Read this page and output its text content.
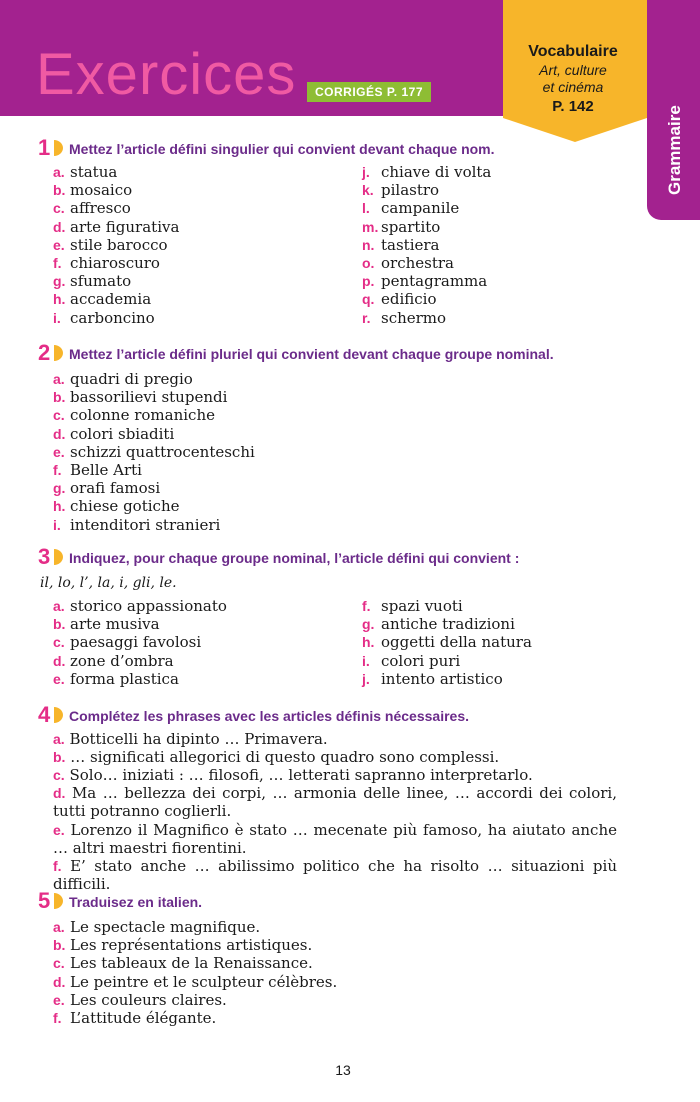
Exercices	CORRIGÉS P. 177
Vocabulaire
Art, culture
et cinéma
P. 142	Grammaire
1 Mettez l’article défini singulier qui convient devant chaque nom.
a. statua
b. mosaico
c. affresco
d. arte figurativa
e. stile barocco
f. chiaroscuro
g. sfumato
h. accademia
i. carboncino
j. chiave di volta
k. pilastro
l. campanile
m. spartito
n. tastiera
o. orchestra
p. pentagramma
q. edificio
r. schermo
2 Mettez l’article défini pluriel qui convient devant chaque groupe nominal.
a. quadri di pregio
b. bassorilievi stupendi
c. colonne romaniche
d. colori sbiaditi
e. schizzi quattrocenteschi
f. Belle Arti
g. orafi famosi
h. chiese gotiche
i. intenditori stranieri
3 Indiquez, pour chaque groupe nominal, l’article défini qui convient :
il, lo, l’, la, i, gli, le.
a. storico appassionato
b. arte musiva
c. paesaggi favolosi
d. zone d’ombra
e. forma plastica
f. spazi vuoti
g. antiche tradizioni
h. oggetti della natura
i. colori puri
j. intento artistico
4 Complétez les phrases avec les articles définis nécessaires.
a. Botticelli ha dipinto … Primavera.
b. … significati allegorici di questo quadro sono complessi.
c. Solo… iniziati : … filosofi, … letterati sapranno interpretarlo.
d. Ma … bellezza dei corpi, … armonia delle linee, … accordi dei colori, tutti potranno coglierli.
e. Lorenzo il Magnifico è stato … mecenate più famoso, ha aiutato anche … altri maestri fiorentini.
f. E’ stato anche … abilissimo politico che ha risolto … situazioni più difficili.
5 Traduisez en italien.
a. Le spectacle magnifique.
b. Les représentations artistiques.
c. Les tableaux de la Renaissance.
d. Le peintre et le sculpteur célèbres.
e. Les couleurs claires.
f. L’attitude élégante.
13
